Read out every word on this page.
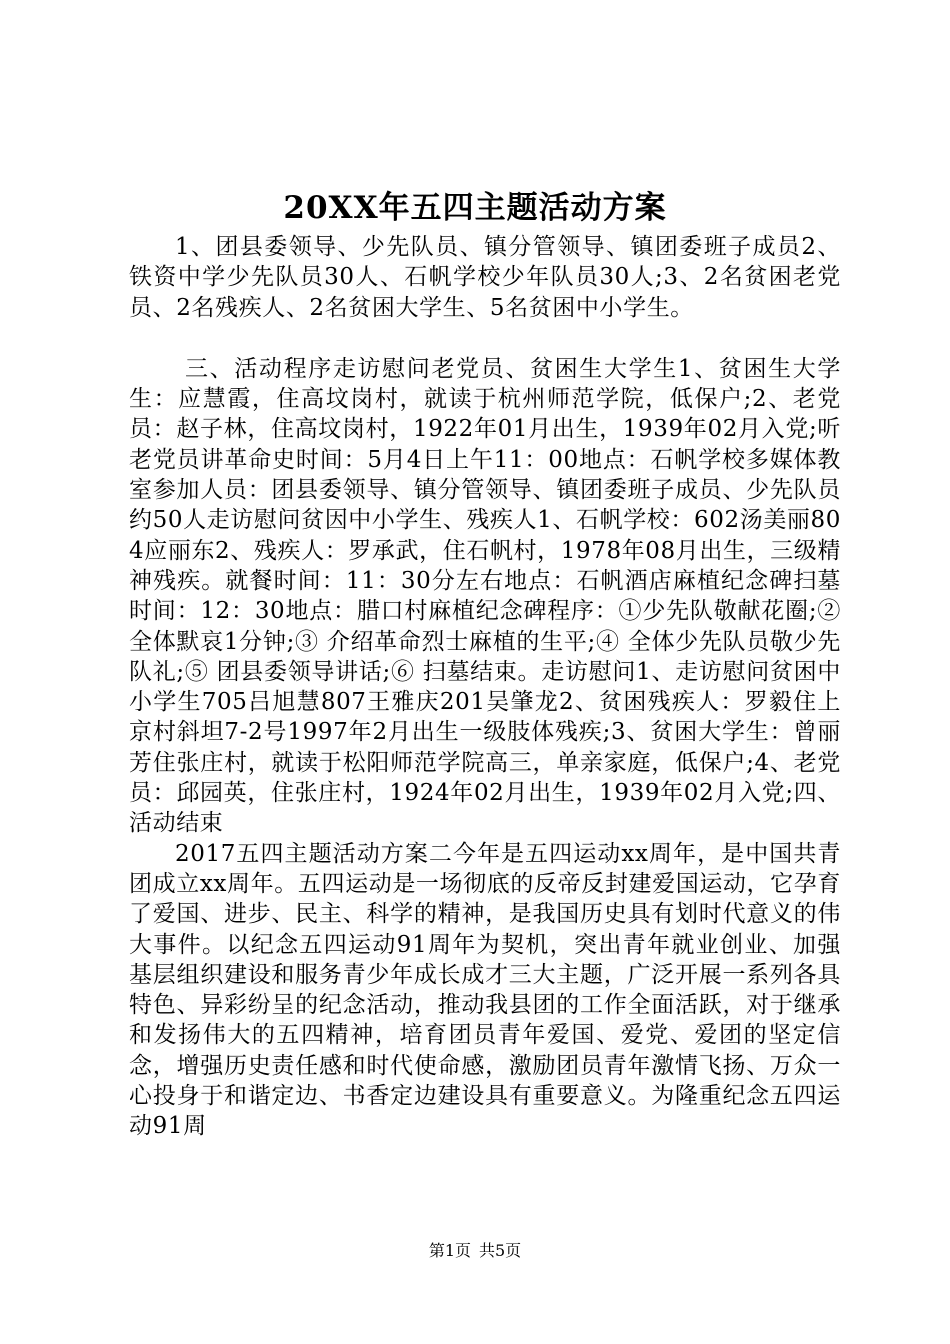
20XX年五四主题活动方案

1、团县委领导、少先队员、镇分管领导、镇团委班子成员2、铁资中学少先队员30人、石帆学校少年队员30人;3、2名贫困老党员、2名残疾人、2名贫困大学生、5名贫困中小学生。

三、活动程序走访慰问老党员、贫困生大学生1、贫困生大学生：应慧霞，住高坟岗村，就读于杭州师范学院，低保户;2、老党员：赵子林，住高坟岗村，1922年01月出生，1939年02月入党;听老党员讲革命史时间：5月4日上午11：00地点：石帆学校多媒体教室参加人员：团县委领导、镇分管领导、镇团委班子成员、少先队员约50人走访慰问贫因中小学生、残疾人1、石帆学校：602汤美丽804应丽东2、残疾人：罗承武，住石帆村，1978年08月出生，三级精神残疾。就餐时间：11：30分左右地点：石帆酒店麻植纪念碑扫墓时间：12：30地点：腊口村麻植纪念碑程序：①少先队敬献花圈;② 全体默哀1分钟;③ 介绍革命烈士麻植的生平;④ 全体少先队员敬少先队礼;⑤ 团县委领导讲话;⑥ 扫墓结束。走访慰问1、走访慰问贫困中小学生705吕旭慧807王雅庆201吴肇龙2、贫困残疾人：罗毅住上京村斜坦7-2号1997年2月出生一级肢体残疾;3、贫困大学生：曾丽芳住张庄村，就读于松阳师范学院高三，单亲家庭，低保户;4、老党员：邱园英，住张庄村，1924年02月出生，1939年02月入党;四、活动结束

2017五四主题活动方案二今年是五四运动xx周年，是中国共青团成立xx周年。五四运动是一场彻底的反帝反封建爱国运动，它孕育了爱国、进步、民主、科学的精神，是我国历史具有划时代意义的伟大事件。以纪念五四运动91周年为契机，突出青年就业创业、加强基层组织建设和服务青少年成长成才三大主题，广泛开展一系列各具特色、异彩纷呈的纪念活动，推动我县团的工作全面活跃，对于继承和发扬伟大的五四精神，培育团员青年爱国、爱党、爱团的坚定信念，增强历史责任感和时代使命感，激励团员青年激情飞扬、万众一心投身于和谐定边、书香定边建设具有重要意义。为隆重纪念五四运动91周

第1页 共5页
